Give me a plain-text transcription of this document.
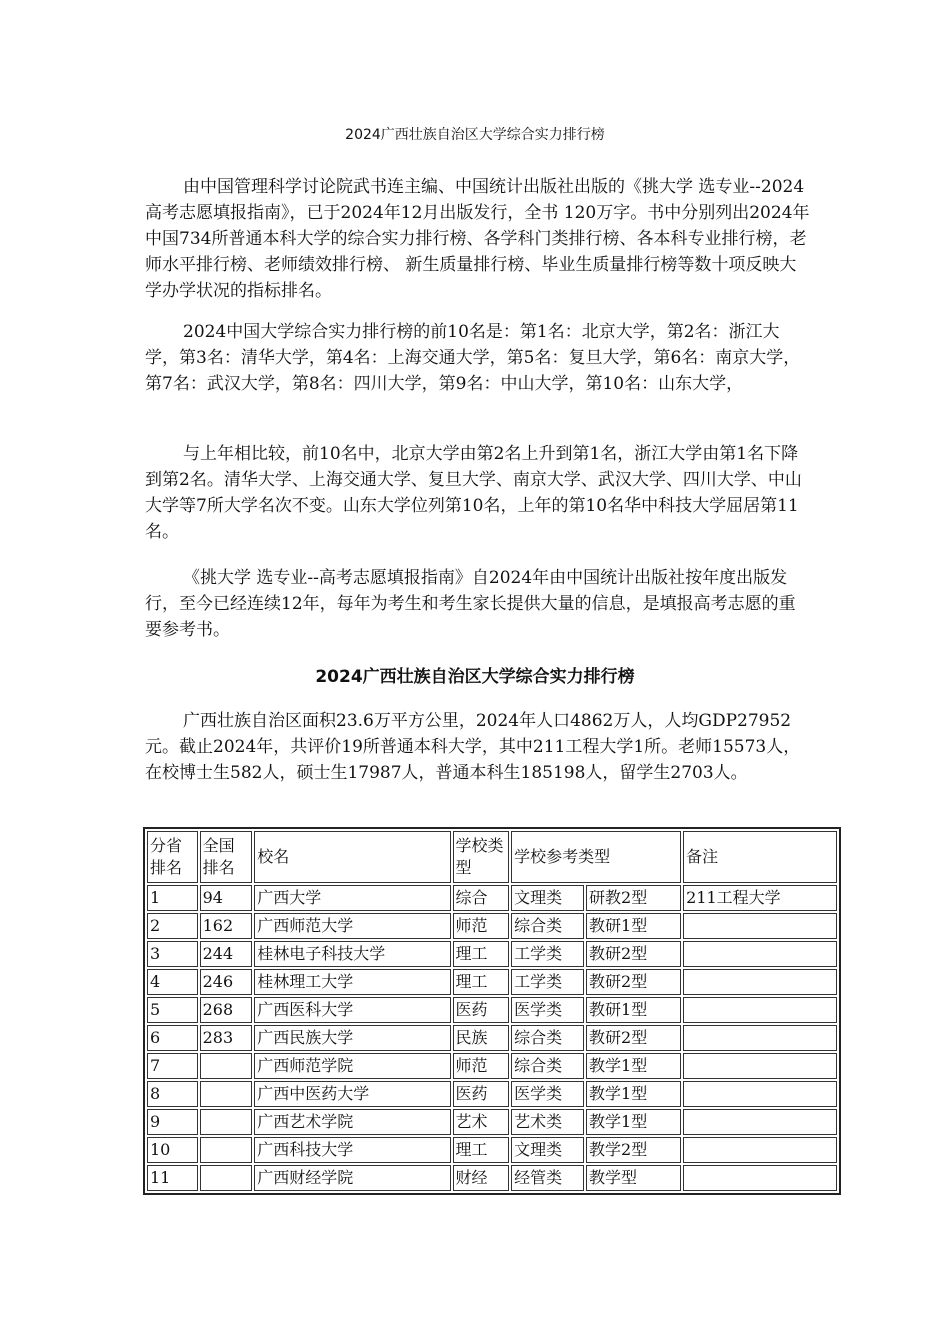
2024广西壮族自治区大学综合实力排行榜

由中国管理科学讨论院武书连主编、中国统计出版社出版的《挑大学 选专业--2024高考志愿填报指南》，已于2024年12月出版发行，全书 120万字。书中分别列出2024年中国734所普通本科大学的综合实力排行榜、各学科门类排行榜、各本科专业排行榜，老师水平排行榜、老师绩效排行榜、 新生质量排行榜、毕业生质量排行榜等数十项反映大学办学状况的指标排名。

2024中国大学综合实力排行榜的前10名是：第1名：北京大学，第2名：浙江大学，第3名：清华大学，第4名：上海交通大学，第5名：复旦大学，第6名：南京大学，第7名：武汉大学，第8名：四川大学，第9名：中山大学，第10名：山东大学，

与上年相比较，前10名中，北京大学由第2名上升到第1名，浙江大学由第1名下降到第2名。清华大学、上海交通大学、复旦大学、南京大学、武汉大学、四川大学、中山大学等7所大学名次不变。山东大学位列第10名，上年的第10名华中科技大学屈居第11名。

《挑大学 选专业--高考志愿填报指南》自2024年由中国统计出版社按年度出版发行，至今已经连续12年，每年为考生和考生家长提供大量的信息，是填报高考志愿的重要参考书。

2024广西壮族自治区大学综合实力排行榜

广西壮族自治区面积23.6万平方公里，2024年人口4862万人，人均GDP27952元。截止2024年，共评价19所普通本科大学，其中211工程大学1所。老师15573人，在校博士生582人，硕士生17987人，普通本科生185198人，留学生2703人。

分省排名	全国排名	校名	学校类型	学校参考类型		备注
1	94	广西大学	综合	文理类	研教2型	211工程大学
2	162	广西师范大学	师范	综合类	教研1型	
3	244	桂林电子科技大学	理工	工学类	教研2型	
4	246	桂林理工大学	理工	工学类	教研2型	
5	268	广西医科大学	医药	医学类	教研1型	
6	283	广西民族大学	民族	综合类	教研2型	
7		广西师范学院	师范	综合类	教学1型	
8		广西中医药大学	医药	医学类	教学1型	
9		广西艺术学院	艺术	艺术类	教学1型	
10		广西科技大学	理工	文理类	教学2型	
11		广西财经学院	财经	经管类	教学型	
